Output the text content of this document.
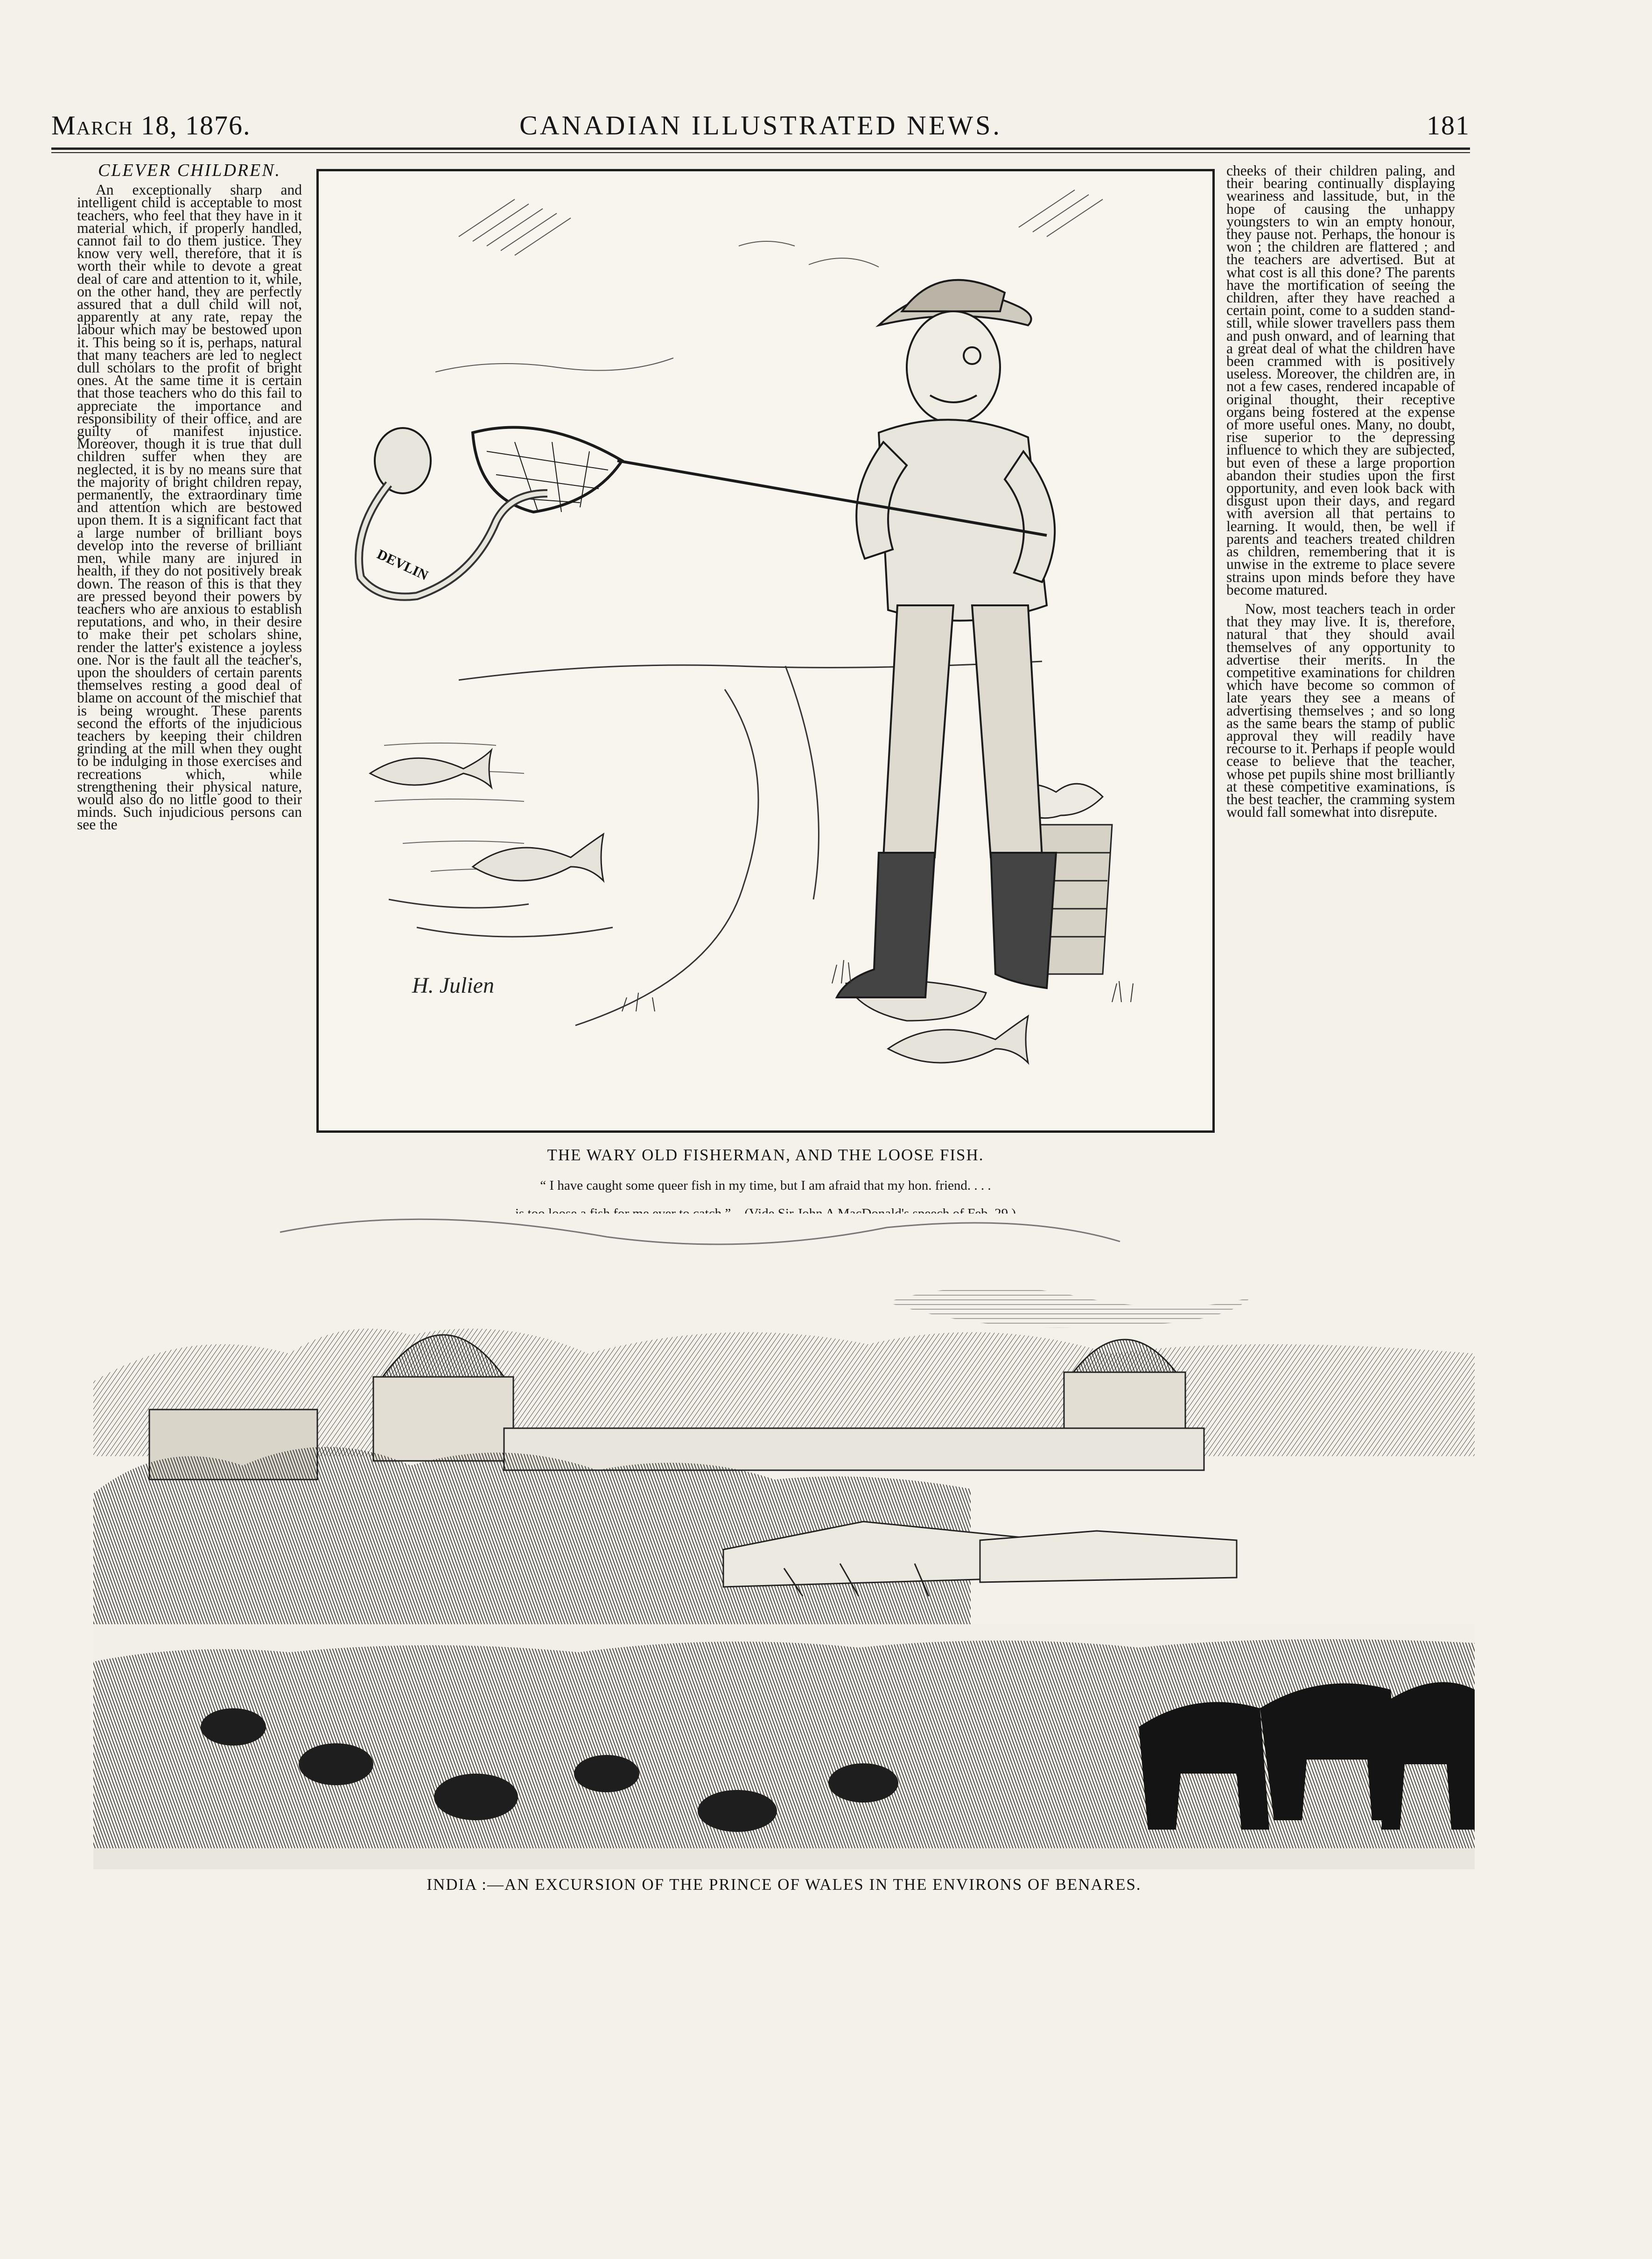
March 18, 1876.	CANADIAN ILLUSTRATED NEWS.	181
CLEVER CHILDREN.

An exceptionally sharp and intelligent child is acceptable to most teachers, who feel that they have in it material which, if properly handled, cannot fail to do them justice. They know very well, therefore, that it is worth their while to devote a great deal of care and attention to it, while, on the other hand, they are perfectly assured that a dull child will not, apparently at any rate, repay the labour which may be bestowed upon it. This being so it is, perhaps, natural that many teachers are led to neglect dull scholars to the profit of bright ones. At the same time it is certain that those teachers who do this fail to appreciate the importance and responsibility of their office, and are guilty of manifest injustice. Moreover, though it is true that dull children suffer when they are neglected, it is by no means sure that the majority of bright children repay, permanently, the extraordinary time and attention which are bestowed upon them. It is a significant fact that a large number of brilliant boys develop into the reverse of brilliant men, while many are injured in health, if they do not positively break down. The reason of this is that they are pressed beyond their powers by teachers who are anxious to establish reputations, and who, in their desire to make their pet scholars shine, render the latter's existence a joyless one. Nor is the fault all the teacher's, upon the shoulders of certain parents themselves resting a good deal of blame on account of the mischief that is being wrought. These parents second the efforts of the injudicious teachers by keeping their children grinding at the mill when they ought to be indulging in those exercises and recreations which, while strengthening their physical nature, would also do no little good to their minds. Such injudicious persons can see the

DEVLIN
H. Julien
THE WARY OLD FISHERMAN, AND THE LOOSE FISH.
“ I have caught some queer fish in my time, but I am afraid that my hon. friend. . . .

cheeks of their children paling, and their bearing continually displaying weariness and lassitude, but, in the hope of causing the unhappy youngsters to win an empty honour, they pause not. Perhaps, the honour is won ; the children are flattered ; and the teachers are advertised. But at what cost is all this done? The parents have the mortification of seeing the children, after they have reached a certain point, come to a sudden stand-still, while slower travellers pass them and push onward, and of learning that a great deal of what the children have been crammed with is positively useless. Moreover, the children are, in not a few cases, rendered incapable of original thought, their receptive organs being fostered at the expense of more useful ones. Many, no doubt, rise superior to the depressing influence to which they are subjected, but even of these a large proportion abandon their studies upon the first opportunity, and even look back with disgust upon their days, and regard with aversion all that pertains to learning. It would, then, be well if parents and teachers treated children as children, remembering that it is unwise in the extreme to place severe strains upon minds before they have become matured.

Now, most teachers teach in order that they may live. It is, therefore, natural that they should avail themselves of any opportunity to advertise their merits. In the competitive examinations for children which have become so common of late years they see a means of advertising themselves ; and so long as the same bears the stamp of public approval they will readily have recourse to it. Perhaps if people would cease to believe that the teacher, whose pet pupils shine most brilliantly at these competitive examinations, is the best teacher, the cramming system would fall somewhat into disrepute.

INDIA :—AN EXCURSION OF THE PRINCE OF WALES IN THE ENVIRONS OF BENARES.
